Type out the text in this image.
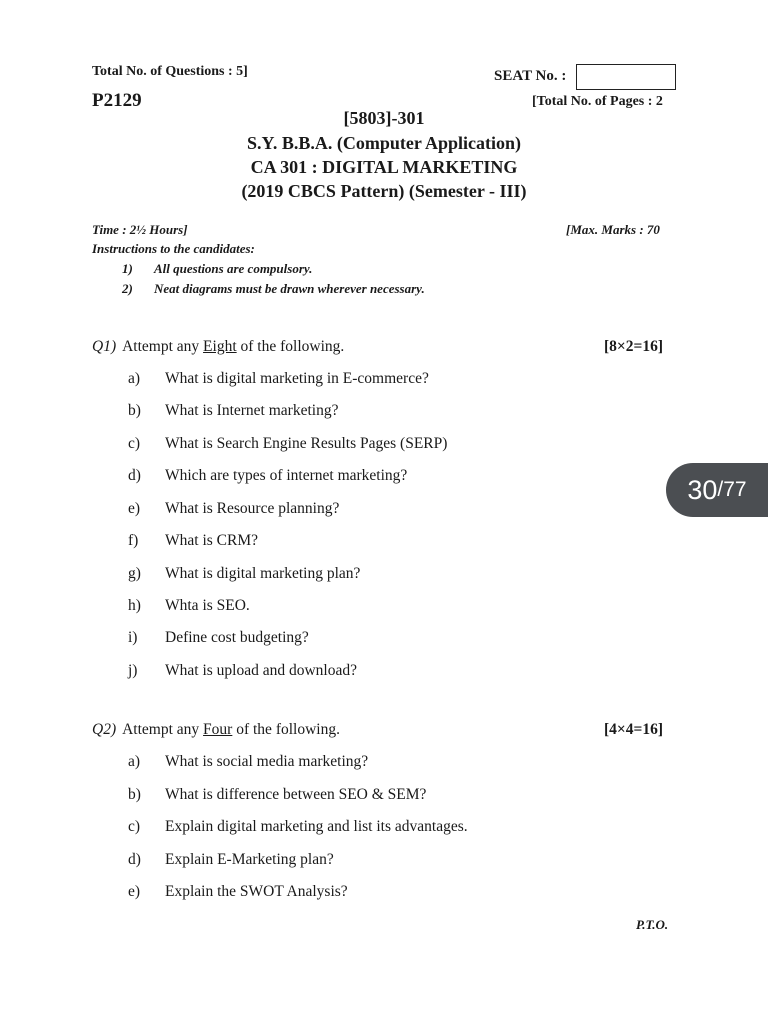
Total No. of Questions : 5]	SEAT No. :
P2129	[Total No. of Pages : 2
[5803]-301
S.Y. B.B.A. (Computer Application)
CA 301 : DIGITAL MARKETING
(2019 CBCS Pattern) (Semester - III)
Time : 2½ Hours]	[Max. Marks : 70
Instructions to the candidates:
1) All questions are compulsory.
2) Neat diagrams must be drawn wherever necessary.
Q1) Attempt any Eight of the following.	[8×2=16]
a) What is digital marketing in E-commerce?
b) What is Internet marketing?
c) What is Search Engine Results Pages (SERP)
d) Which are types of internet marketing?
e) What is Resource planning?
f) What is CRM?
g) What is digital marketing plan?
h) Whta is SEO.
i) Define cost budgeting?
j) What is upload and download?
Q2) Attempt any Four of the following.	[4×4=16]
a) What is social media marketing?
b) What is difference between SEO & SEM?
c) Explain digital marketing and list its advantages.
d) Explain E-Marketing plan?
e) Explain the SWOT Analysis?
P.T.O.
30 /77
